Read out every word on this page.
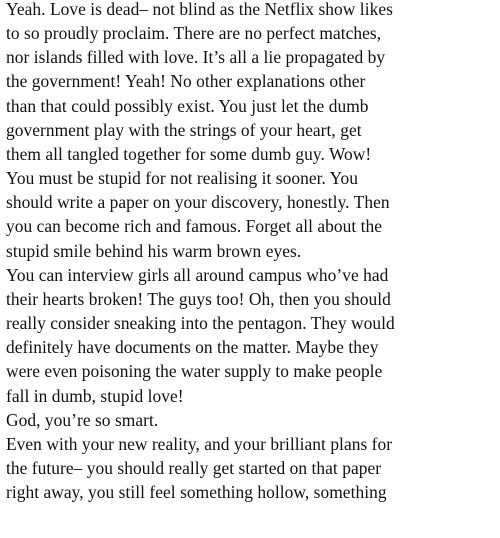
Yeah. Love is dead– not blind as the Netflix show likes
to so proudly proclaim. There are no perfect matches,
nor islands filled with love. It’s all a lie propagated by
the government! Yeah! No other explanations other
than that could possibly exist. You just let the dumb
government play with the strings of your heart, get
them all tangled together for some dumb guy. Wow!
You must be stupid for not realising it sooner. You
should write a paper on your discovery, honestly. Then
you can become rich and famous. Forget all about the
stupid smile behind his warm brown eyes.

You can interview girls all around campus who’ve had
their hearts broken! The guys too! Oh, then you should
really consider sneaking into the pentagon. They would
definitely have documents on the matter. Maybe they
were even poisoning the water supply to make people
fall in dumb, stupid love!

God, you’re so smart.

Even with your new reality, and your brilliant plans for
the future– you should really get started on that paper
right away, you still feel something hollow, something
